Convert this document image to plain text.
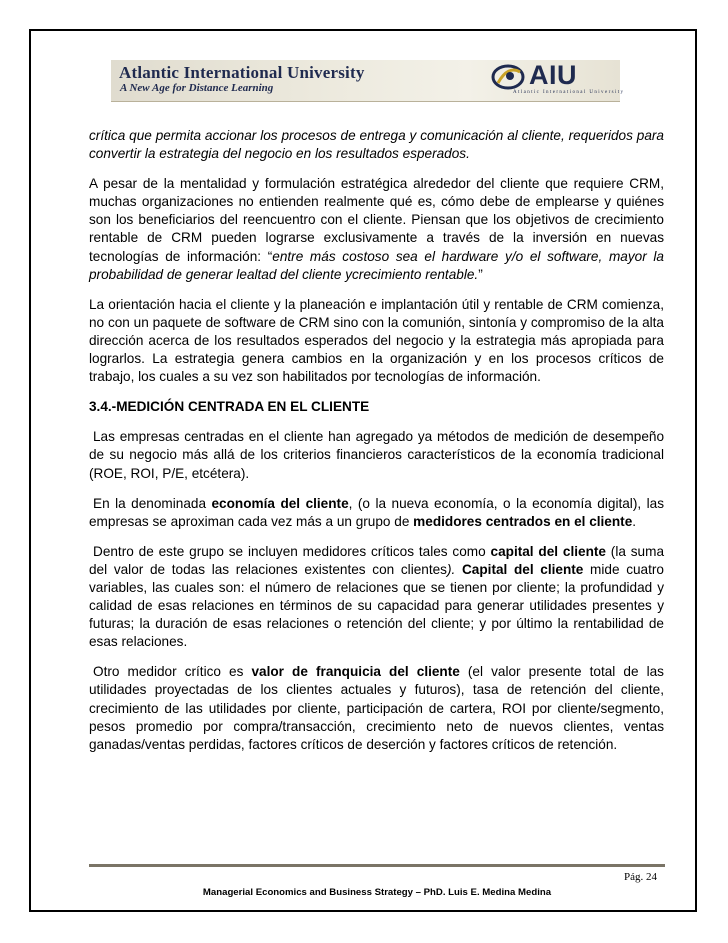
Atlantic International University
A New Age for Distance Learning	AIU
Atlantic International University

crítica que permita accionar los procesos de entrega y comunicación al cliente, requeridos para convertir la estrategia del negocio en los resultados esperados.

A pesar de la mentalidad y formulación estratégica alrededor del cliente que requiere CRM, muchas organizaciones no entienden realmente qué es, cómo debe de emplearse y quiénes son los beneficiarios del reencuentro con el cliente. Piensan que los objetivos de crecimiento rentable de CRM pueden lograrse exclusivamente a través de la inversión en nuevas tecnologías de información: “entre más costoso sea el hardware y/o el software, mayor la probabilidad de generar lealtad del cliente ycrecimiento rentable.”

La orientación hacia el cliente y la planeación e implantación útil y rentable de CRM comienza, no con un paquete de software de CRM sino con la comunión, sintonía y compromiso de la alta dirección acerca de los resultados esperados del negocio y la estrategia más apropiada para lograrlos. La estrategia genera cambios en la organización y en los procesos críticos de trabajo, los cuales a su vez son habilitados por tecnologías de información.

3.4.-MEDICIÓN CENTRADA EN EL CLIENTE

Las empresas centradas en el cliente han agregado ya métodos de medición de desempeño de su negocio más allá de los criterios financieros característicos de la economía tradicional (ROE, ROI, P/E, etcétera).

En la denominada economía del cliente, (o la nueva economía, o la economía digital), las empresas se aproximan cada vez más a un grupo de medidores centrados en el cliente.

Dentro de este grupo se incluyen medidores críticos tales como capital del cliente (la suma del valor de todas las relaciones existentes con clientes). Capital del cliente mide cuatro variables, las cuales son: el número de relaciones que se tienen por cliente; la profundidad y calidad de esas relaciones en términos de su capacidad para generar utilidades presentes y futuras; la duración de esas relaciones o retención del cliente; y por último la rentabilidad de esas relaciones.

Otro medidor crítico es valor de franquicia del cliente (el valor presente total de las utilidades proyectadas de los clientes actuales y futuros), tasa de retención del cliente, crecimiento de las utilidades por cliente, participación de cartera, ROI por cliente/segmento, pesos promedio por compra/transacción, crecimiento neto de nuevos clientes, ventas ganadas/ventas perdidas, factores críticos de deserción y factores críticos de retención.

Pág. 24
Managerial Economics and Business Strategy – PhD. Luis E. Medina Medina
